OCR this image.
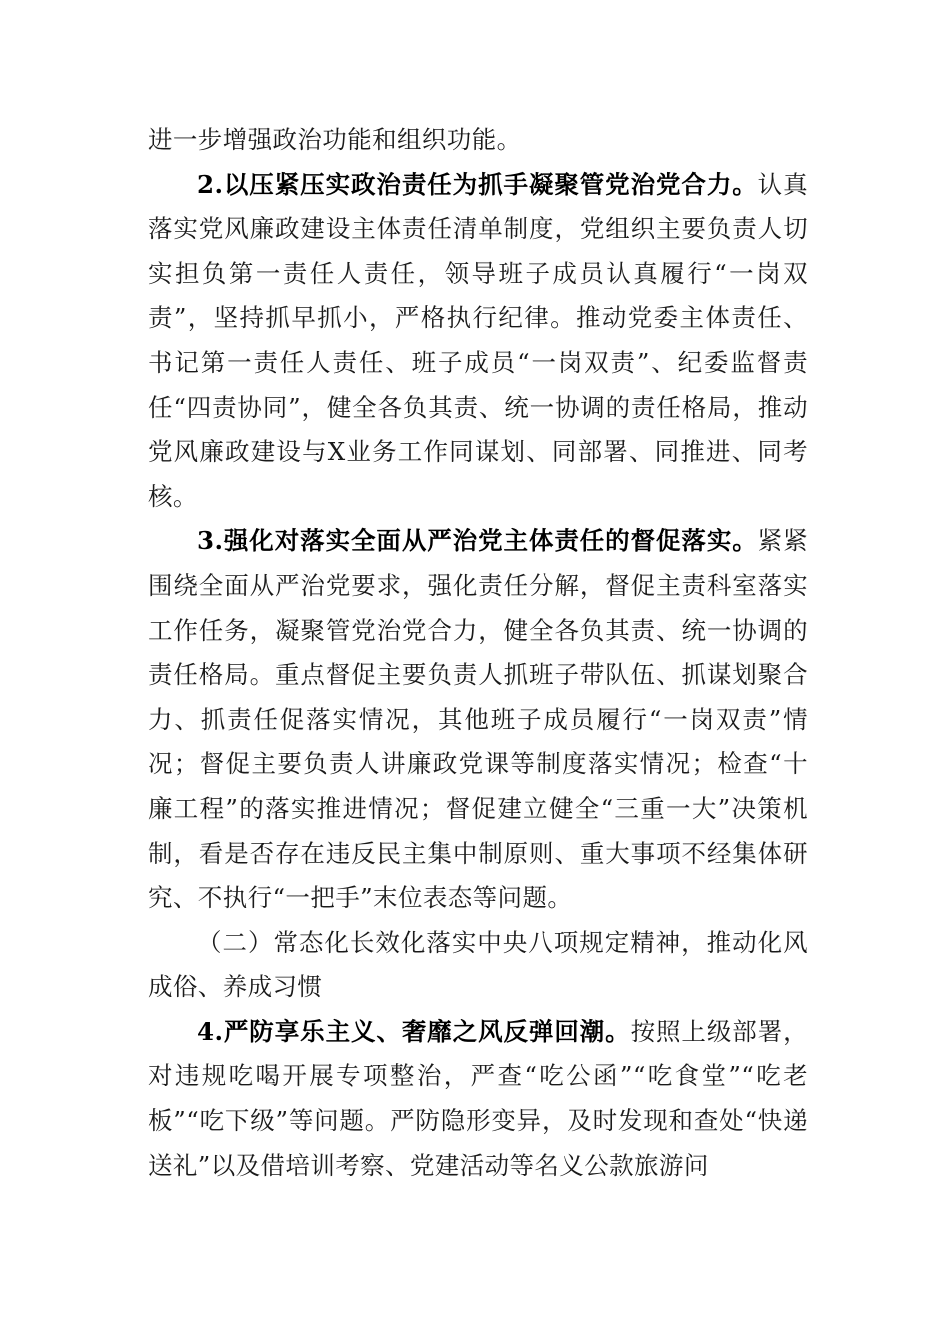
进一步增强政治功能和组织功能。

2.以压紧压实政治责任为抓手凝聚管党治党合力。认真落实党风廉政建设主体责任清单制度，党组织主要负责人切实担负第一责任人责任，领导班子成员认真履行“一岗双责”，坚持抓早抓小，严格执行纪律。推动党委主体责任、书记第一责任人责任、班子成员“一岗双责”、纪委监督责任“四责协同”，健全各负其责、统一协调的责任格局，推动党风廉政建设与X业务工作同谋划、同部署、同推进、同考核。

3.强化对落实全面从严治党主体责任的督促落实。紧紧围绕全面从严治党要求，强化责任分解，督促主责科室落实工作任务，凝聚管党治党合力，健全各负其责、统一协调的责任格局。重点督促主要负责人抓班子带队伍、抓谋划聚合力、抓责任促落实情况，其他班子成员履行“一岗双责”情况；督促主要负责人讲廉政党课等制度落实情况；检查“十廉工程”的落实推进情况；督促建立健全“三重一大”决策机制，看是否存在违反民主集中制原则、重大事项不经集体研究、不执行“一把手”末位表态等问题。

（二）常态化长效化落实中央八项规定精神，推动化风成俗、养成习惯

4.严防享乐主义、奢靡之风反弹回潮。按照上级部署，对违规吃喝开展专项整治，严查“吃公函”“吃食堂”“吃老板”“吃下级”等问题。严防隐形变异，及时发现和查处“快递送礼”以及借培训考察、党建活动等名义公款旅游问
